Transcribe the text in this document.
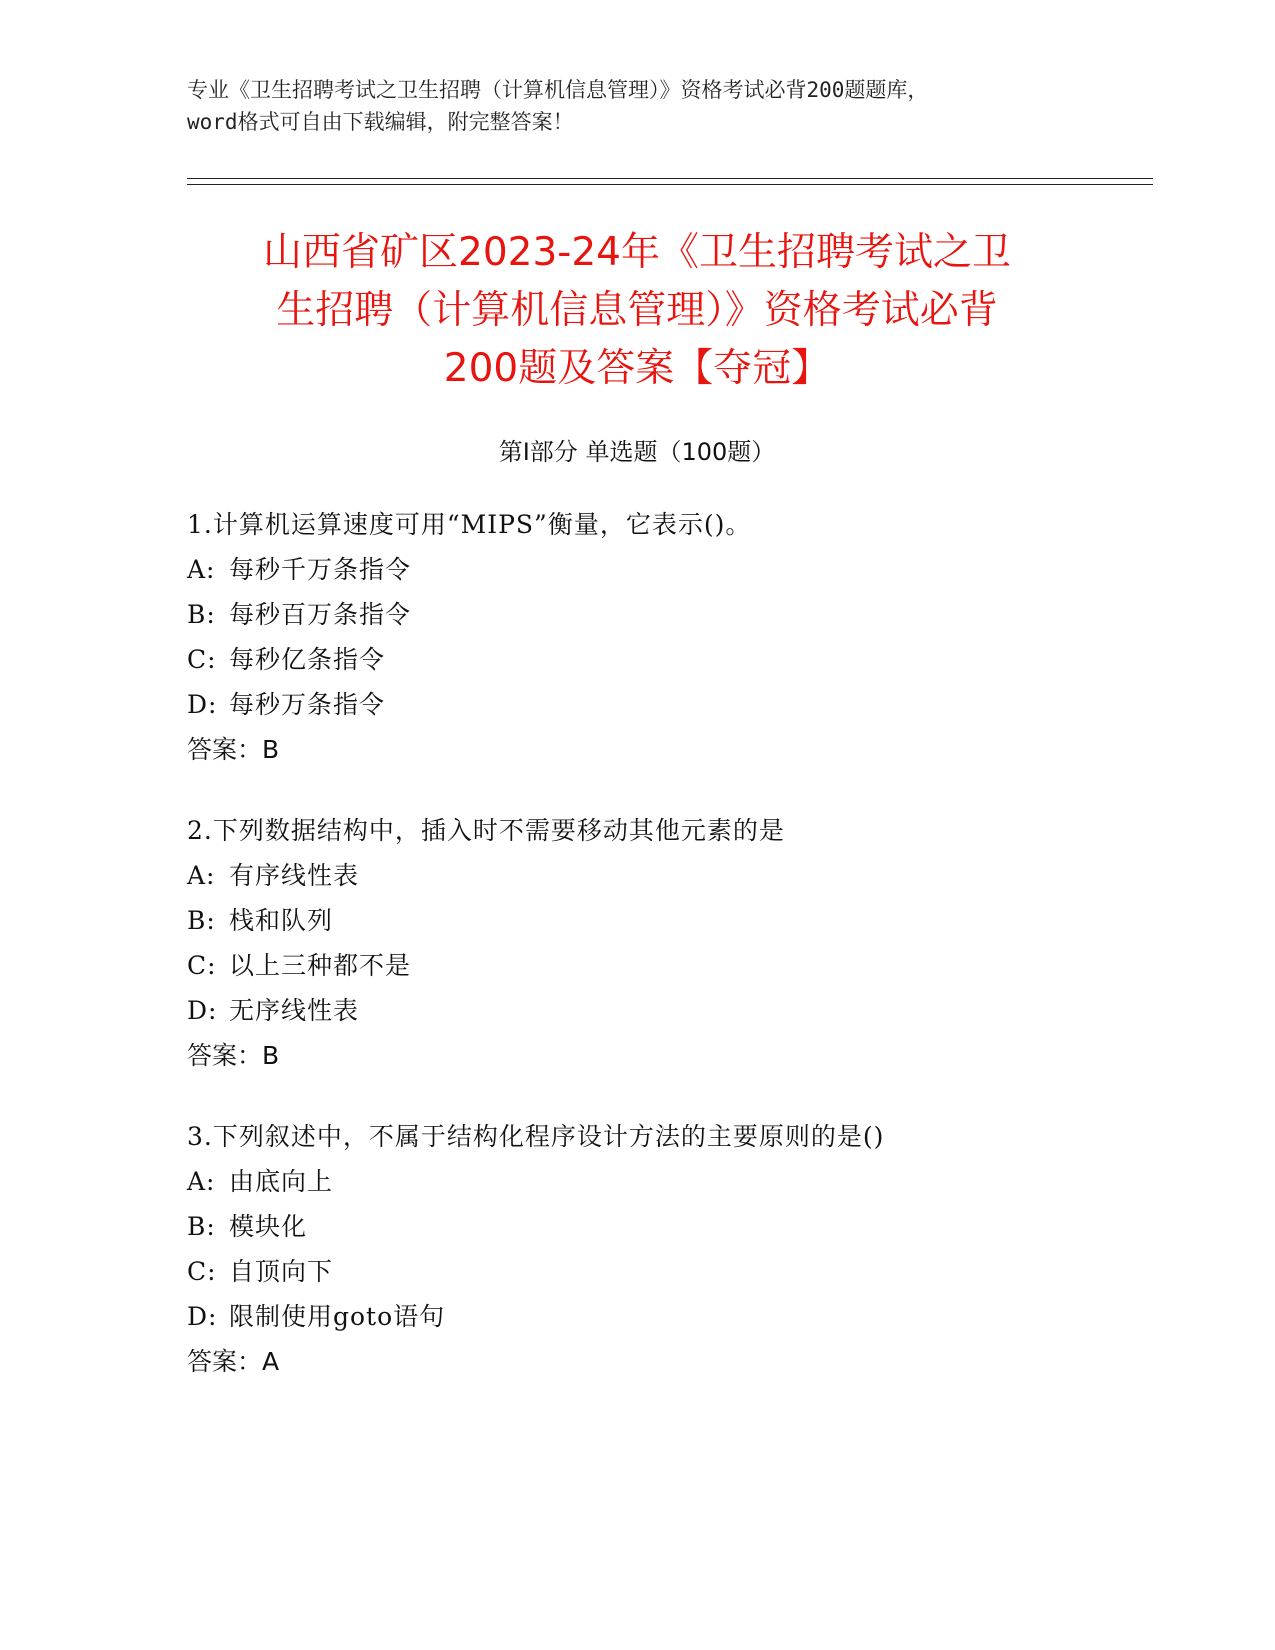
专业《卫生招聘考试之卫生招聘（计算机信息管理）》资格考试必背200题题库，
word格式可自由下载编辑，附完整答案！
山西省矿区2023-24年《卫生招聘考试之卫
生招聘（计算机信息管理）》资格考试必背
200题及答案【夺冠】
第Ⅰ部分 单选题（100题）
1.计算机运算速度可用“MIPS”衡量，它表示()。
A: 每秒千万条指令
B: 每秒百万条指令
C: 每秒亿条指令
D: 每秒万条指令
答案：B
2.下列数据结构中，插入时不需要移动其他元素的是
A: 有序线性表
B: 栈和队列
C: 以上三种都不是
D: 无序线性表
答案：B
3.下列叙述中，不属于结构化程序设计方法的主要原则的是()
A: 由底向上
B: 模块化
C: 自顶向下
D: 限制使用goto语句
答案：A
